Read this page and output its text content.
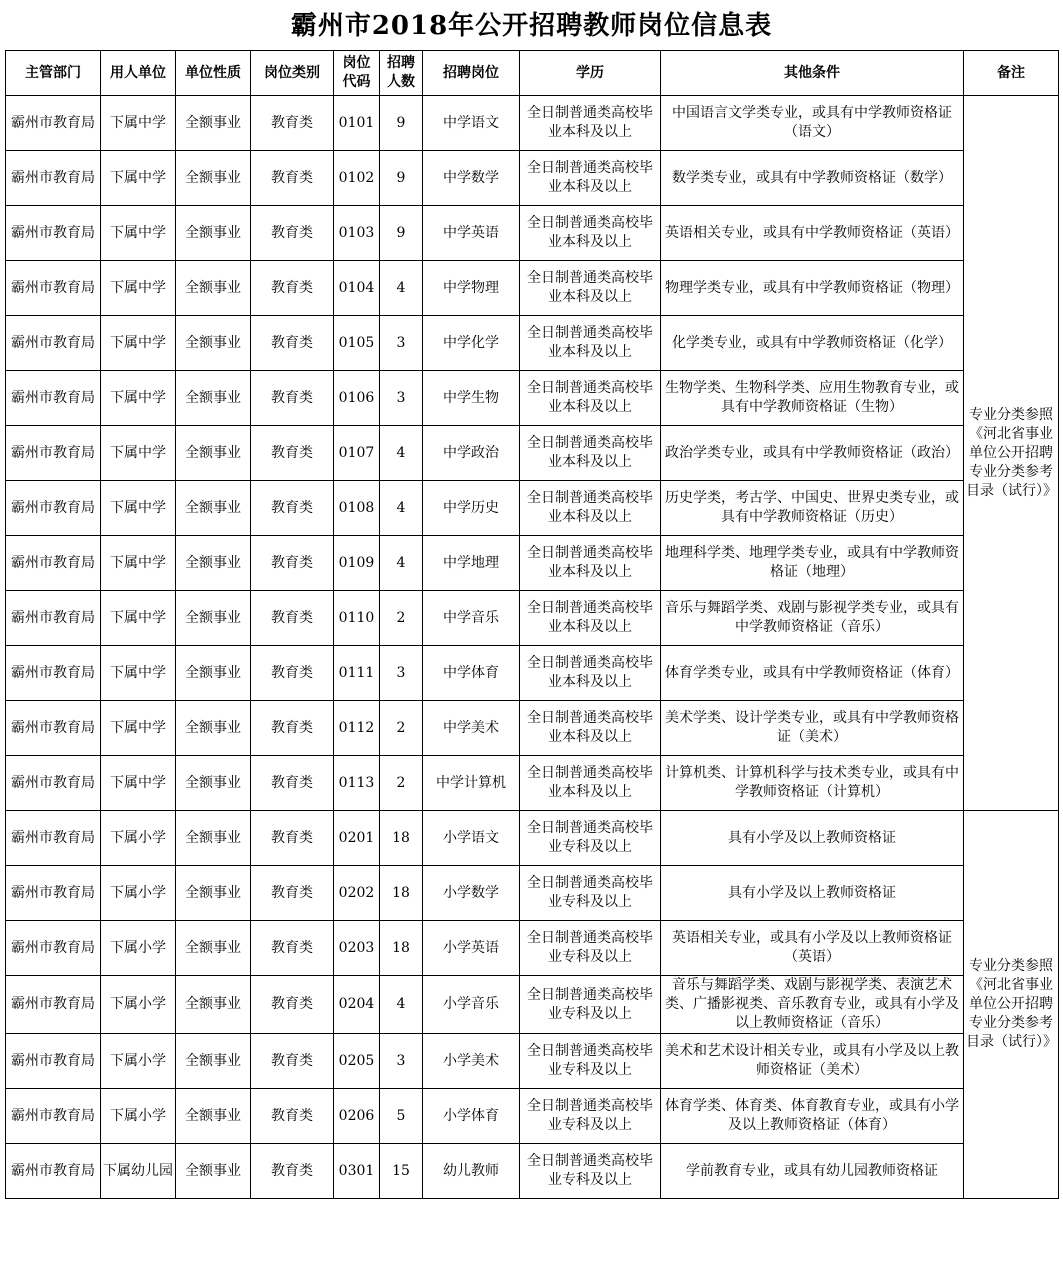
霸州市2018年公开招聘教师岗位信息表
主管部门	用人单位	单位性质	岗位类别	岗位代码	招聘人数	招聘岗位	学历	其他条件	备注
霸州市教育局	下属中学	全额事业	教育类	0101	9	中学语文	全日制普通类高校毕业本科及以上	中国语言文学类专业，或具有中学教师资格证（语文）	专业分类参照《河北省事业单位公开招聘专业分类参考目录（试行）》
霸州市教育局	下属中学	全额事业	教育类	0102	9	中学数学	全日制普通类高校毕业本科及以上	数学类专业，或具有中学教师资格证（数学）	
霸州市教育局	下属中学	全额事业	教育类	0103	9	中学英语	全日制普通类高校毕业本科及以上	英语相关专业，或具有中学教师资格证（英语）	
霸州市教育局	下属中学	全额事业	教育类	0104	4	中学物理	全日制普通类高校毕业本科及以上	物理学类专业，或具有中学教师资格证（物理）	
霸州市教育局	下属中学	全额事业	教育类	0105	3	中学化学	全日制普通类高校毕业本科及以上	化学类专业，或具有中学教师资格证（化学）	
霸州市教育局	下属中学	全额事业	教育类	0106	3	中学生物	全日制普通类高校毕业本科及以上	生物学类、生物科学类、应用生物教育专业，或具有中学教师资格证（生物）	
霸州市教育局	下属中学	全额事业	教育类	0107	4	中学政治	全日制普通类高校毕业本科及以上	政治学类专业，或具有中学教师资格证（政治）	
霸州市教育局	下属中学	全额事业	教育类	0108	4	中学历史	全日制普通类高校毕业本科及以上	历史学类，考古学、中国史、世界史类专业，或具有中学教师资格证（历史）	
霸州市教育局	下属中学	全额事业	教育类	0109	4	中学地理	全日制普通类高校毕业本科及以上	地理科学类、地理学类专业，或具有中学教师资格证（地理）	
霸州市教育局	下属中学	全额事业	教育类	0110	2	中学音乐	全日制普通类高校毕业本科及以上	音乐与舞蹈学类、戏剧与影视学类专业，或具有中学教师资格证（音乐）	
霸州市教育局	下属中学	全额事业	教育类	0111	3	中学体育	全日制普通类高校毕业本科及以上	体育学类专业，或具有中学教师资格证（体育）	
霸州市教育局	下属中学	全额事业	教育类	0112	2	中学美术	全日制普通类高校毕业本科及以上	美术学类、设计学类专业，或具有中学教师资格证（美术）	
霸州市教育局	下属中学	全额事业	教育类	0113	2	中学计算机	全日制普通类高校毕业本科及以上	计算机类、计算机科学与技术类专业，或具有中学教师资格证（计算机）	
霸州市教育局	下属小学	全额事业	教育类	0201	18	小学语文	全日制普通类高校毕业专科及以上	具有小学及以上教师资格证	专业分类参照《河北省事业单位公开招聘专业分类参考目录（试行）》
霸州市教育局	下属小学	全额事业	教育类	0202	18	小学数学	全日制普通类高校毕业专科及以上	具有小学及以上教师资格证	
霸州市教育局	下属小学	全额事业	教育类	0203	18	小学英语	全日制普通类高校毕业专科及以上	英语相关专业，或具有小学及以上教师资格证（英语）	
霸州市教育局	下属小学	全额事业	教育类	0204	4	小学音乐	全日制普通类高校毕业专科及以上	音乐与舞蹈学类、戏剧与影视学类、表演艺术类、广播影视类、音乐教育专业，或具有小学及以上教师资格证（音乐）	
霸州市教育局	下属小学	全额事业	教育类	0205	3	小学美术	全日制普通类高校毕业专科及以上	美术和艺术设计相关专业，或具有小学及以上教师资格证（美术）	
霸州市教育局	下属小学	全额事业	教育类	0206	5	小学体育	全日制普通类高校毕业专科及以上	体育学类、体育类、体育教育专业，或具有小学及以上教师资格证（体育）	
霸州市教育局	下属幼儿园	全额事业	教育类	0301	15	幼儿教师	全日制普通类高校毕业专科及以上	学前教育专业，或具有幼儿园教师资格证	
